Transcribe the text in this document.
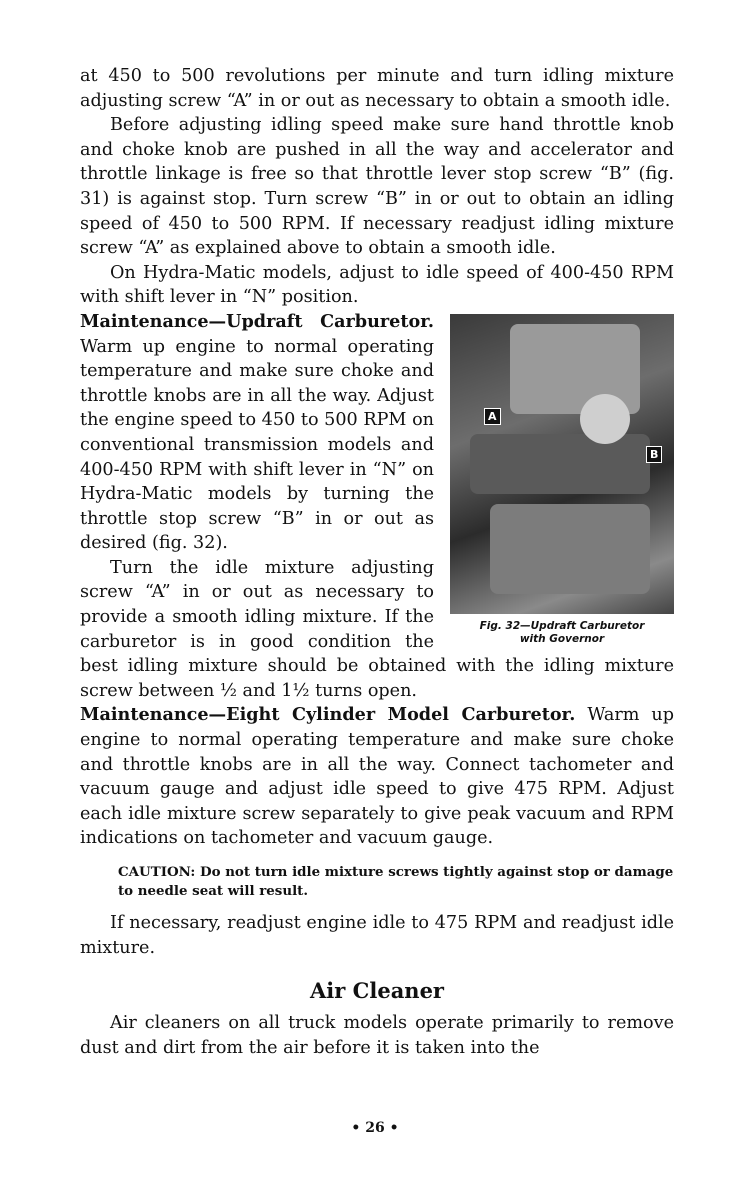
at 450 to 500 revolutions per minute and turn idling mixture adjusting screw “A” in or out as necessary to obtain a smooth idle.

Before adjusting idling speed make sure hand throttle knob and choke knob are pushed in all the way and accelerator and throttle linkage is free so that throttle lever stop screw “B” (fig. 31) is against stop. Turn screw “B” in or out to obtain an idling speed of 450 to 500 RPM. If necessary readjust idling mixture screw “A” as explained above to obtain a smooth idle.

On Hydra-Matic models, adjust to idle speed of 400-450 RPM with shift lever in “N” position.

A
B
Fig. 32—Updraft Carburetor
with Governor

Maintenance—Updraft Carburetor. Warm up engine to normal operating temperature and make sure choke and throttle knobs are in all the way. Adjust the engine speed to 450 to 500 RPM on conventional transmission models and 400-450 RPM with shift lever in “N” on Hydra-Matic models by turning the throttle stop screw “B” in or out as desired (fig. 32).

Turn the idle mixture adjusting screw “A” in or out as necessary to provide a smooth idling mixture. If the carburetor is in good condition the best idling mixture should be obtained with the idling mixture screw between ½ and 1½ turns open.

Maintenance—Eight Cylinder Model Carburetor. Warm up engine to normal operating temperature and make sure choke and throttle knobs are in all the way. Connect tachometer and vacuum gauge and adjust idle speed to give 475 RPM. Adjust each idle mixture screw separately to give peak vacuum and RPM indications on tachometer and vacuum gauge.

CAUTION: Do not turn idle mixture screws tightly against stop or damage to needle seat will result.

If necessary, readjust engine idle to 475 RPM and readjust idle mixture.

Air Cleaner

Air cleaners on all truck models operate primarily to remove dust and dirt from the air before it is taken into the

• 26 •
